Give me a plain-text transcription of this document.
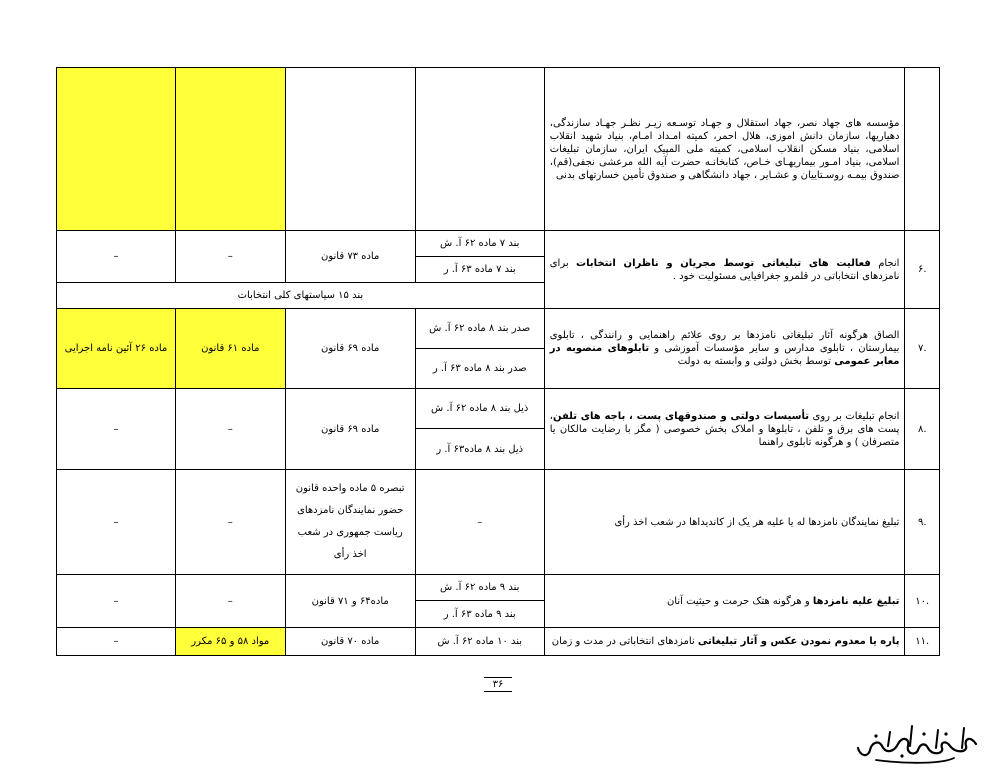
	مؤسسه های جهاد نصر، جهاد استقلال و جهـاد توسـعه زیـر نظـر جهـاد سازندگی، دهیاریها، سازمان دانش اموزی، هلال احمر، کمیته امـداد امـام، بنیاد شهید انقلاب اسلامی، بنیاد مسکن انقلاب اسلامی، کمیته ملی المپیک ایران، سازمان تبلیغات اسلامی، بنیاد امـور بیماریهـای خـاص، کتابخانـه حضرت آیه الله مرعشی نجفی(قم)، صندوق بیمـه روسـتاییان و عشـایر ، جهاد دانشگاهی و صندوق تأمین خسارتهای بدنی				
.۶	انجام فعالیت های تبلیغاتی توسط مجریان و ناظران انتخابات برای نامزدهای انتخاباتی در قلمرو جغرافیایی مسئولیت خود .	بند ۷ ماده ۶۲ آ. ش	ماده ۷۳ قانون	–	–
		بند ۷ ماده ۶۳ آ. ر			
		بند ۱۵ سیاستهای کلی انتخابات			
.۷	الصاق هرگونه آثار تبلیغاتی نامزدها بر روی علائم راهنمایی و رانندگی ، تابلوی بیمارستان ، تابلوی مدارس و سایر مؤسسات آموزشی و تابلوهای منصوبه در معابر عمومی توسط بخش دولتی و وابسته به دولت	صدر بند ۸ ماده ۶۲ آ. ش	ماده ۶۹ قانون	ماده ۶۱ قانون	ماده ۲۶ آئین نامه اجرایی
		صدر بند ۸ ماده ۶۳ آ. ر			
.۸	انجام تبلیغات بر روی تأسیسات دولتی و صندوقهای پست ، باجه های تلفن، پست های برق و تلفن ، تابلوها و املاک بخش خصوصی ( مگر با رضایت مالکان یا متصرفان ) و هرگونه تابلوی راهنما	ذیل بند ۸ ماده ۶۲ آ. ش	ماده ۶۹ قانون	–	–
		ذیل بند ۸ ماده۶۳ آ. ر			
.۹	تبلیغ نمایندگان نامزدها له یا علیه هر یک از کاندیداها در شعب اخذ رأی	–	تبصره ۵ ماده واحده قانون حضور نمایندگان نامزدهای ریاست جمهوری در شعب اخذ رأی	–	–
.۱۰	تبلیغ علیه نامزدها و هرگونه هتک حرمت و حیثیت آنان	بند ۹ ماده ۶۲ آ. ش	ماده۶۴ و ۷۱ قانون	–	–
		بند ۹ ماده ۶۳ آ. ر			
.۱۱	پاره یا معدوم نمودن عکس و آثار تبلیغاتی نامزدهای انتخاباتی در مدت و زمان	بند ۱۰ ماده ۶۲ آ. ش	ماده ۷۰ قانون	مواد ۵۸ و ۶۵ مکرر	–
۳۶
